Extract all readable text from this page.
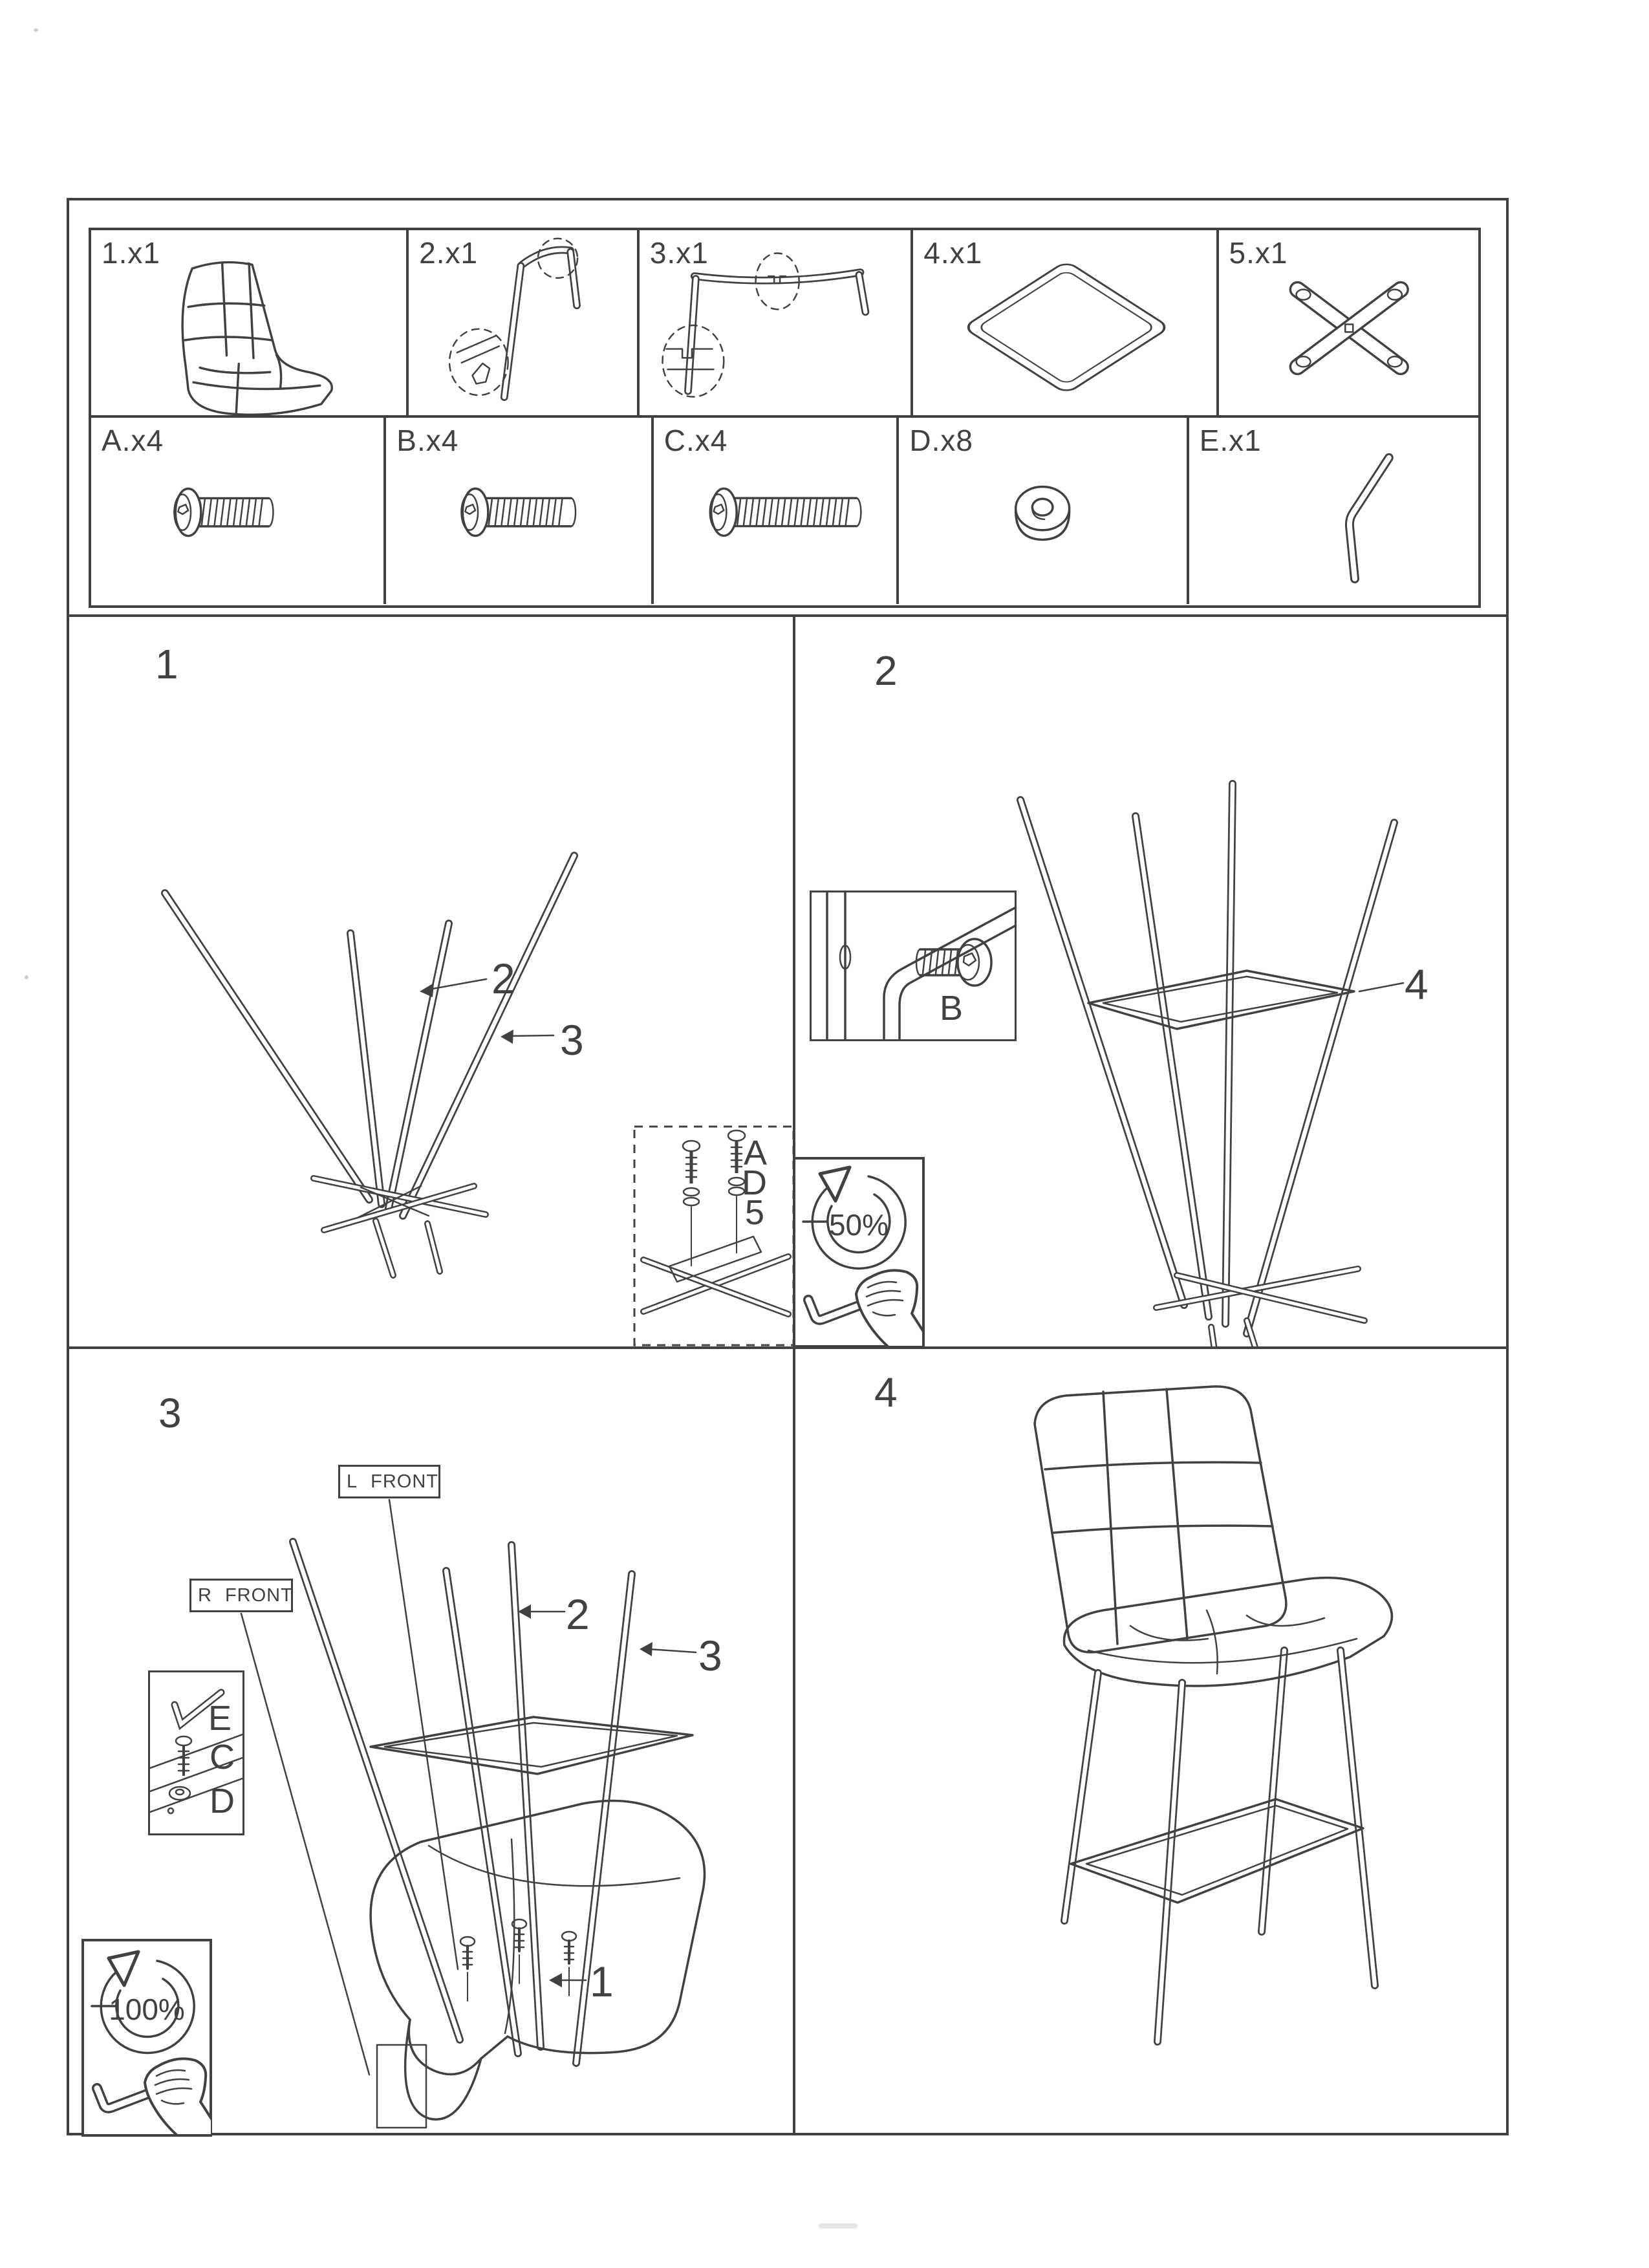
1.x1	2.x1	3.x1	4.x1	5.x1
A.x4	B.x4	C.x4	D.x8	E.x1
1
2
3
A
D
5	50%
2
4
B
3
L FRONT
R FRONT	2
3
1
E
C
D
100%
4
